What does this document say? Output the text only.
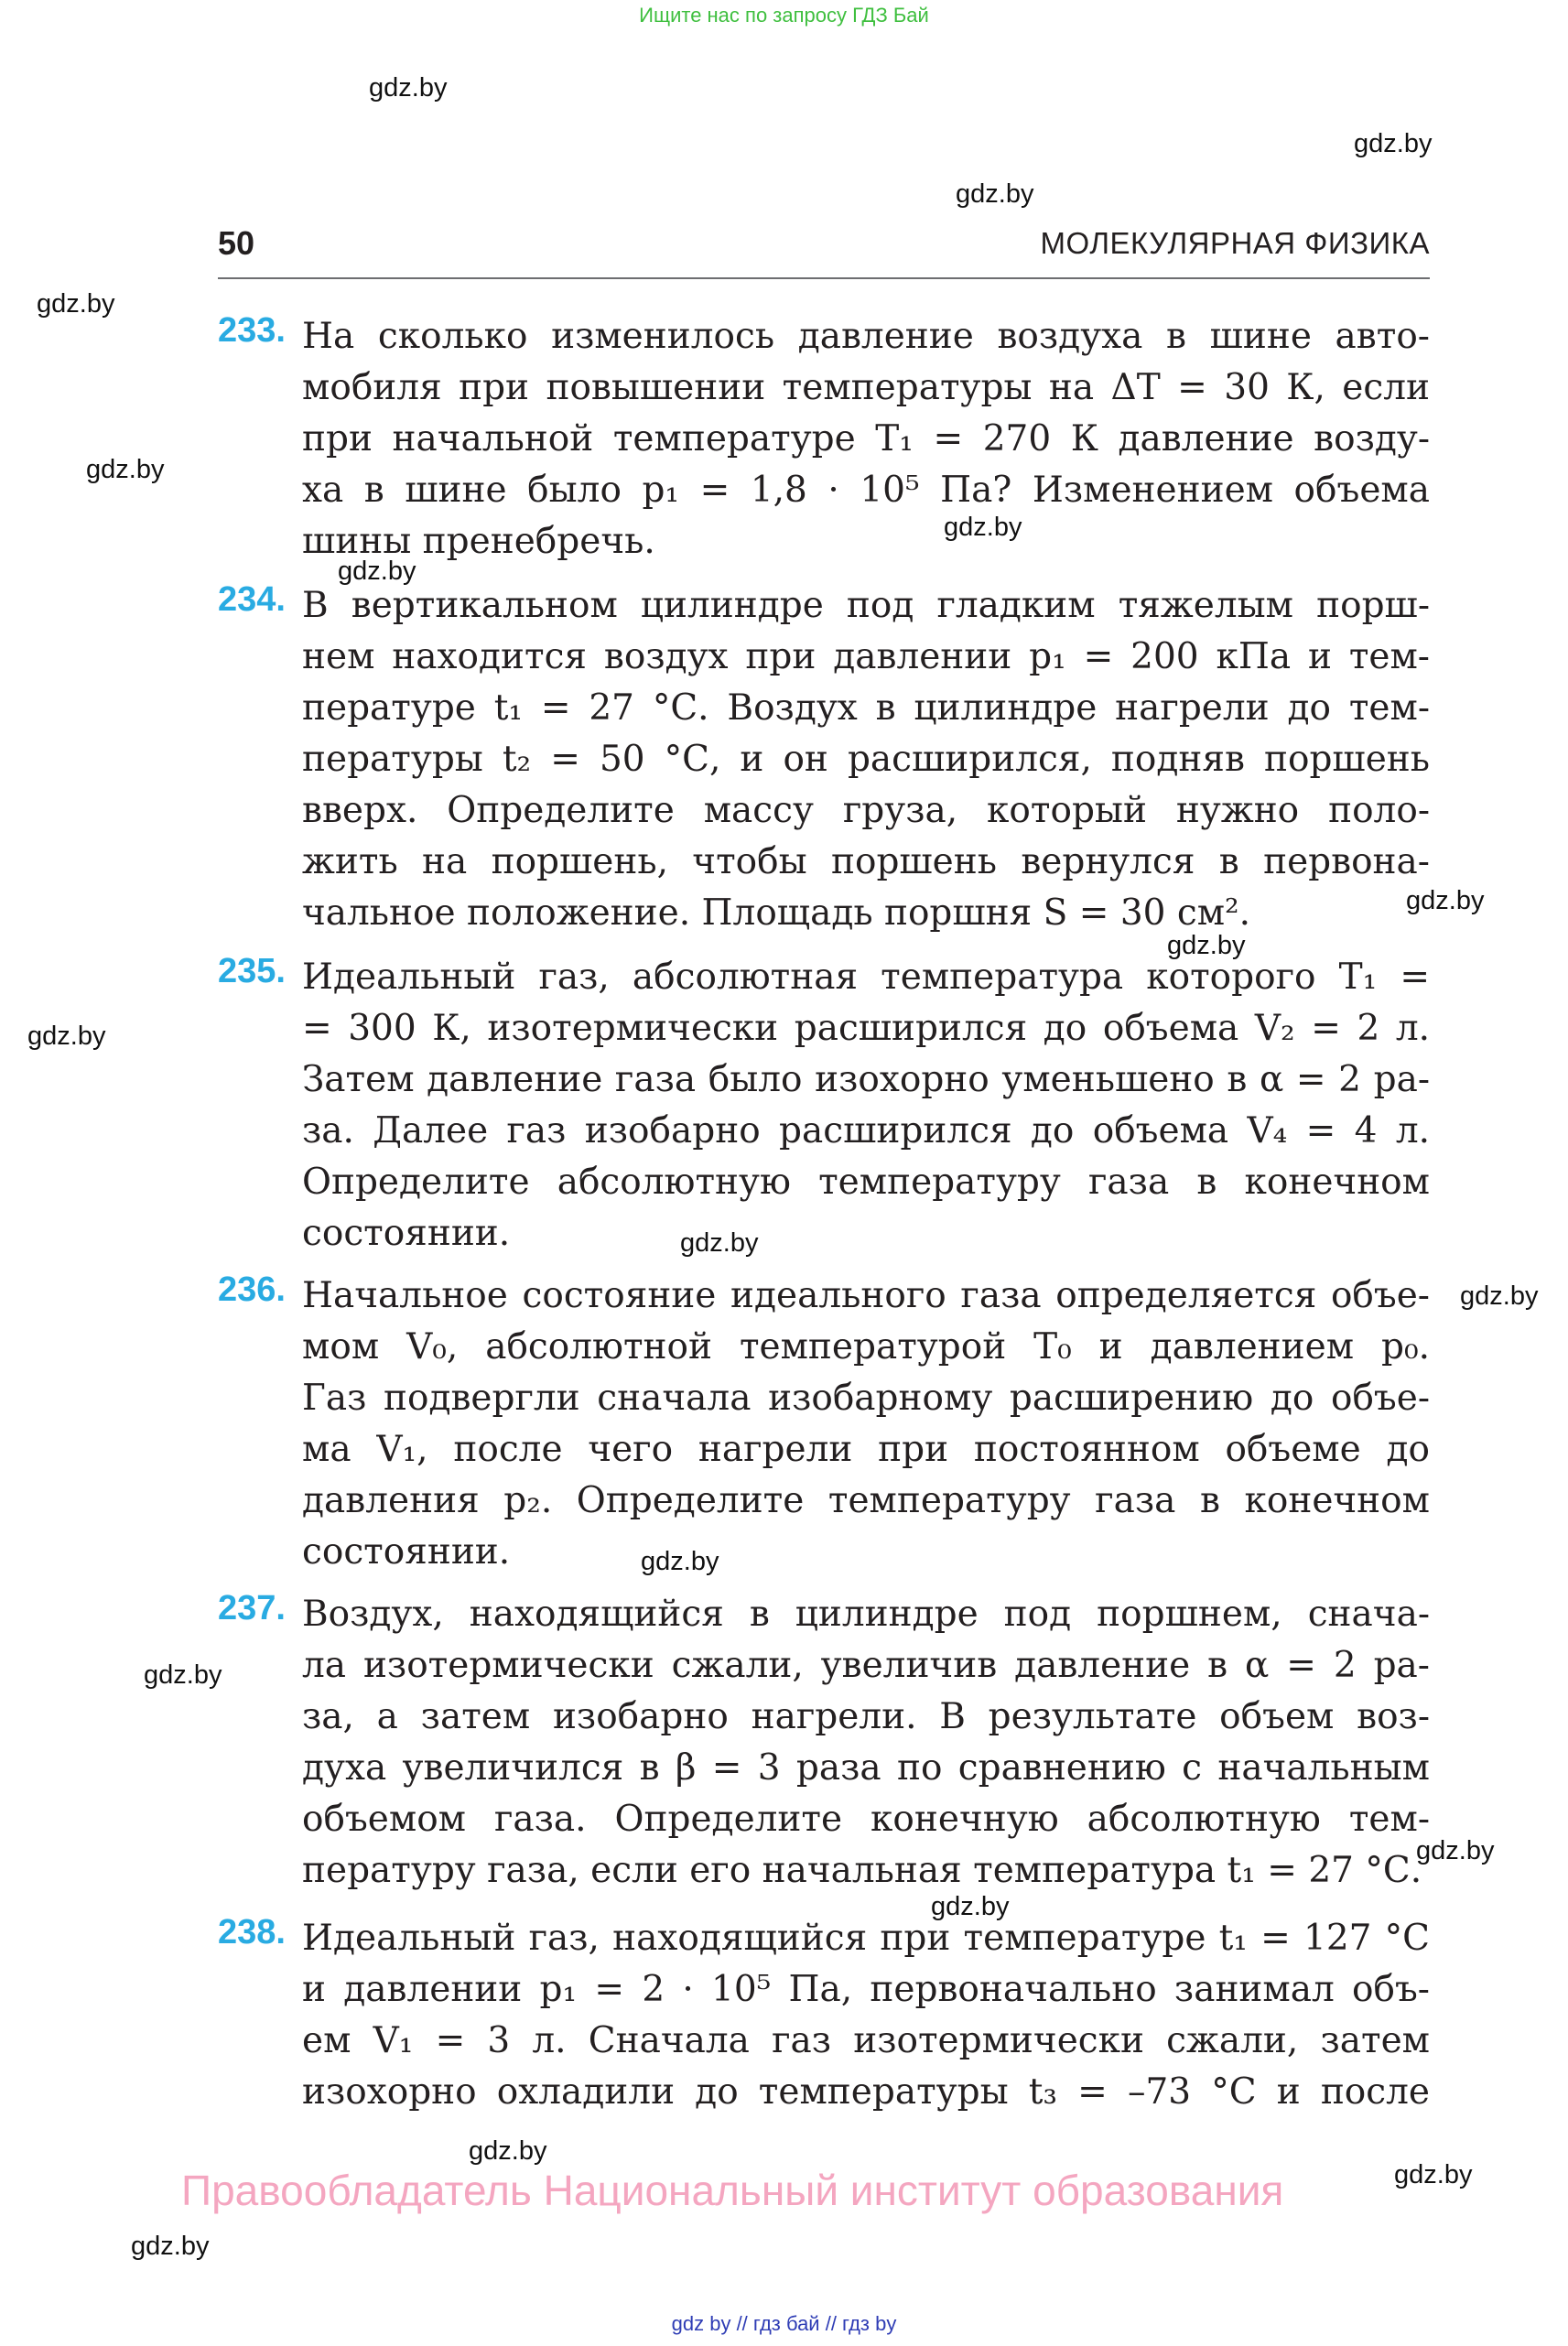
Ищите нас по запросу ГДЗ Бай
gdz.by
gdz.by
gdz.by
gdz.by
gdz.by
gdz.by
gdz.by
gdz.by
gdz.by
gdz.by
gdz.by
gdz.by
gdz.by
gdz.by
gdz.by
gdz.by
gdz.by
gdz.by
gdz.by
50	МОЛЕКУЛЯРНАЯ ФИЗИКА
233. На сколько изменилось давление воздуха в шине авто-
мобиля при повышении температуры на ΔT = 30 К, если
при начальной температуре T₁ = 270 К давление возду-
ха в шине было p₁ = 1,8 · 10⁵ Па? Изменением объема
шины пренебречь.
234. В вертикальном цилиндре под гладким тяжелым порш-
нем находится воздух при давлении p₁ = 200 кПа и тем-
пературе t₁ = 27 °С. Воздух в цилиндре нагрели до тем-
пературы t₂ = 50 °С, и он расширился, подняв поршень
вверх. Определите массу груза, который нужно поло-
жить на поршень, чтобы поршень вернулся в первона-
чальное положение. Площадь поршня S = 30 см².
235. Идеальный газ, абсолютная температура которого T₁ =
= 300 К, изотермически расширился до объема V₂ = 2 л.
Затем давление газа было изохорно уменьшено в α = 2 ра-
за. Далее газ изобарно расширился до объема V₄ = 4 л.
Определите абсолютную температуру газа в конечном
состоянии.
236. Начальное состояние идеального газа определяется объе-
мом V₀, абсолютной температурой T₀ и давлением p₀.
Газ подвергли сначала изобарному расширению до объе-
ма V₁, после чего нагрели при постоянном объеме до
давления p₂. Определите температуру газа в конечном
состоянии.
237. Воздух, находящийся в цилиндре под поршнем, снача-
ла изотермически сжали, увеличив давление в α = 2 ра-
за, а затем изобарно нагрели. В результате объем воз-
духа увеличился в β = 3 раза по сравнению с начальным
объемом газа. Определите конечную абсолютную тем-
пературу газа, если его начальная температура t₁ = 27 °С.
238. Идеальный газ, находящийся при температуре t₁ = 127 °С
и давлении p₁ = 2 · 10⁵ Па, первоначально занимал объ-
ем V₁ = 3 л. Сначала газ изотермически сжали, затем
изохорно охладили до температуры t₃ = –73 °С и после
Правообладатель Национальный институт образования
gdz by // гдз бай // гдз by
